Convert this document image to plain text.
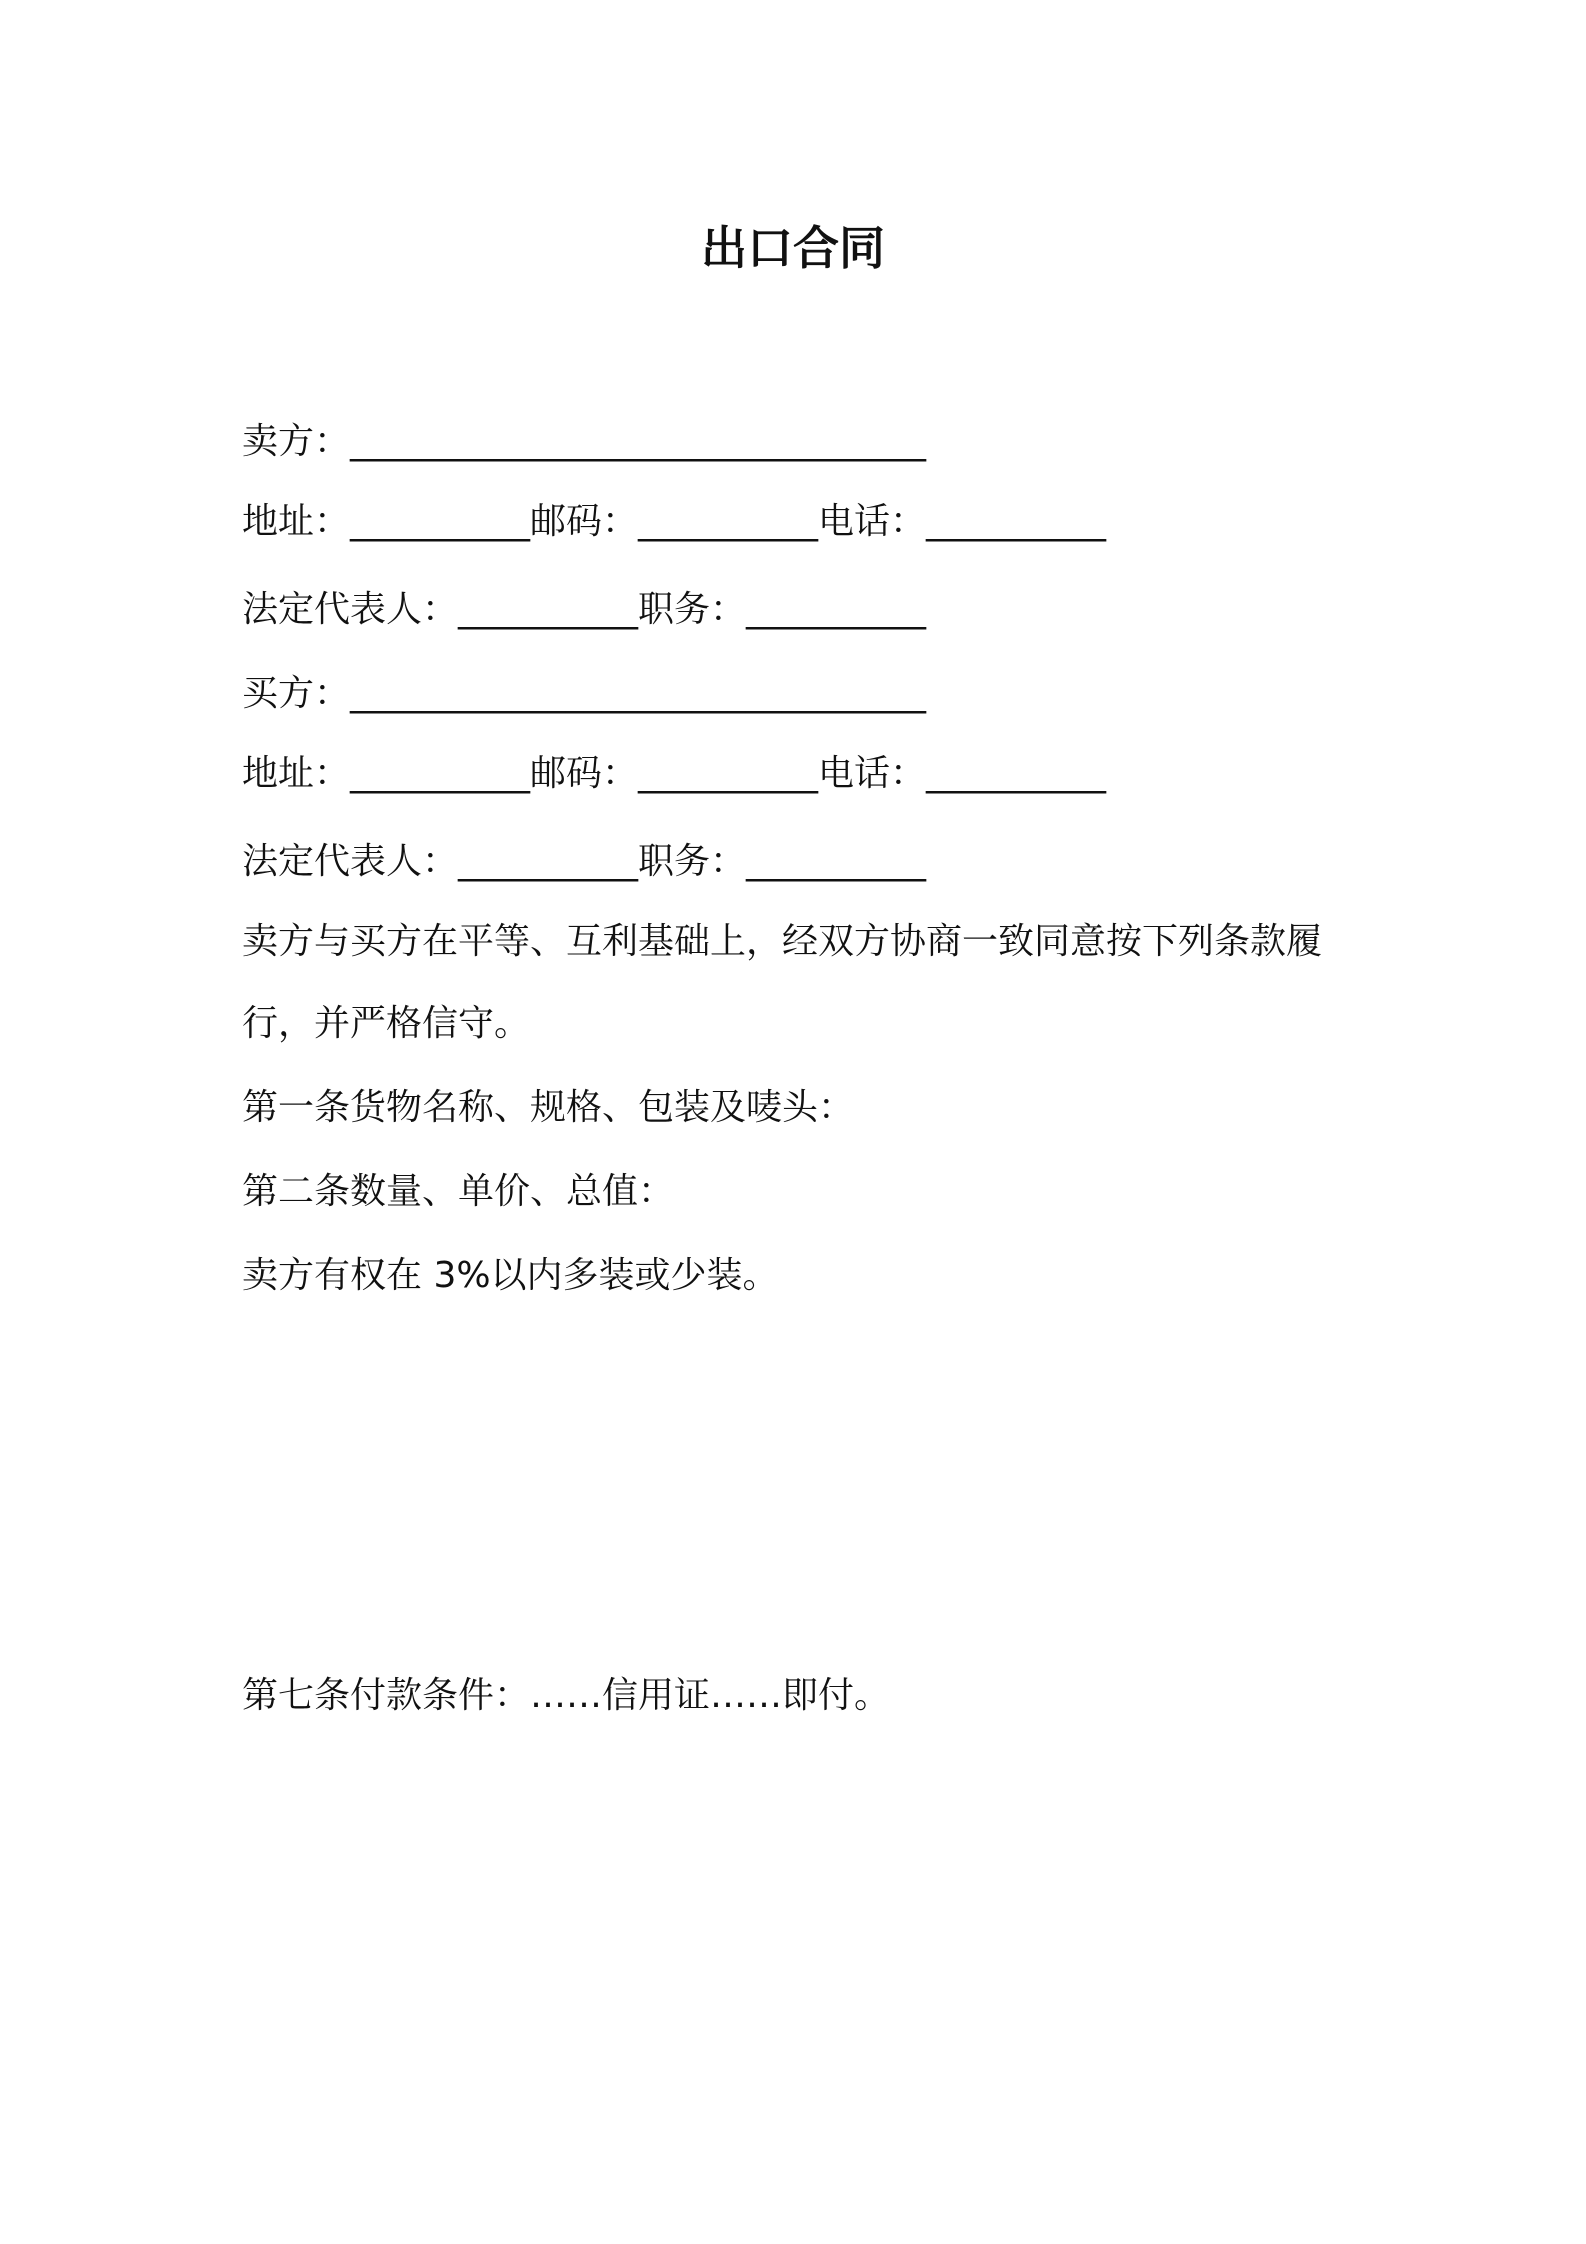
出口合同
卖方：________________________________
地址：__________邮码：__________电话：__________
法定代表人：__________职务：__________
买方：________________________________
地址：__________邮码：__________电话：__________
法定代表人：__________职务：__________
卖方与买方在平等、互利基础上，经双方协商一致同意按下列条款履
行，并严格信守。
第一条货物名称、规格、包装及唛头：
第二条数量、单价、总值：
卖方有权在 3%以内多装或少装。
第七条付款条件：……信用证……即付。
